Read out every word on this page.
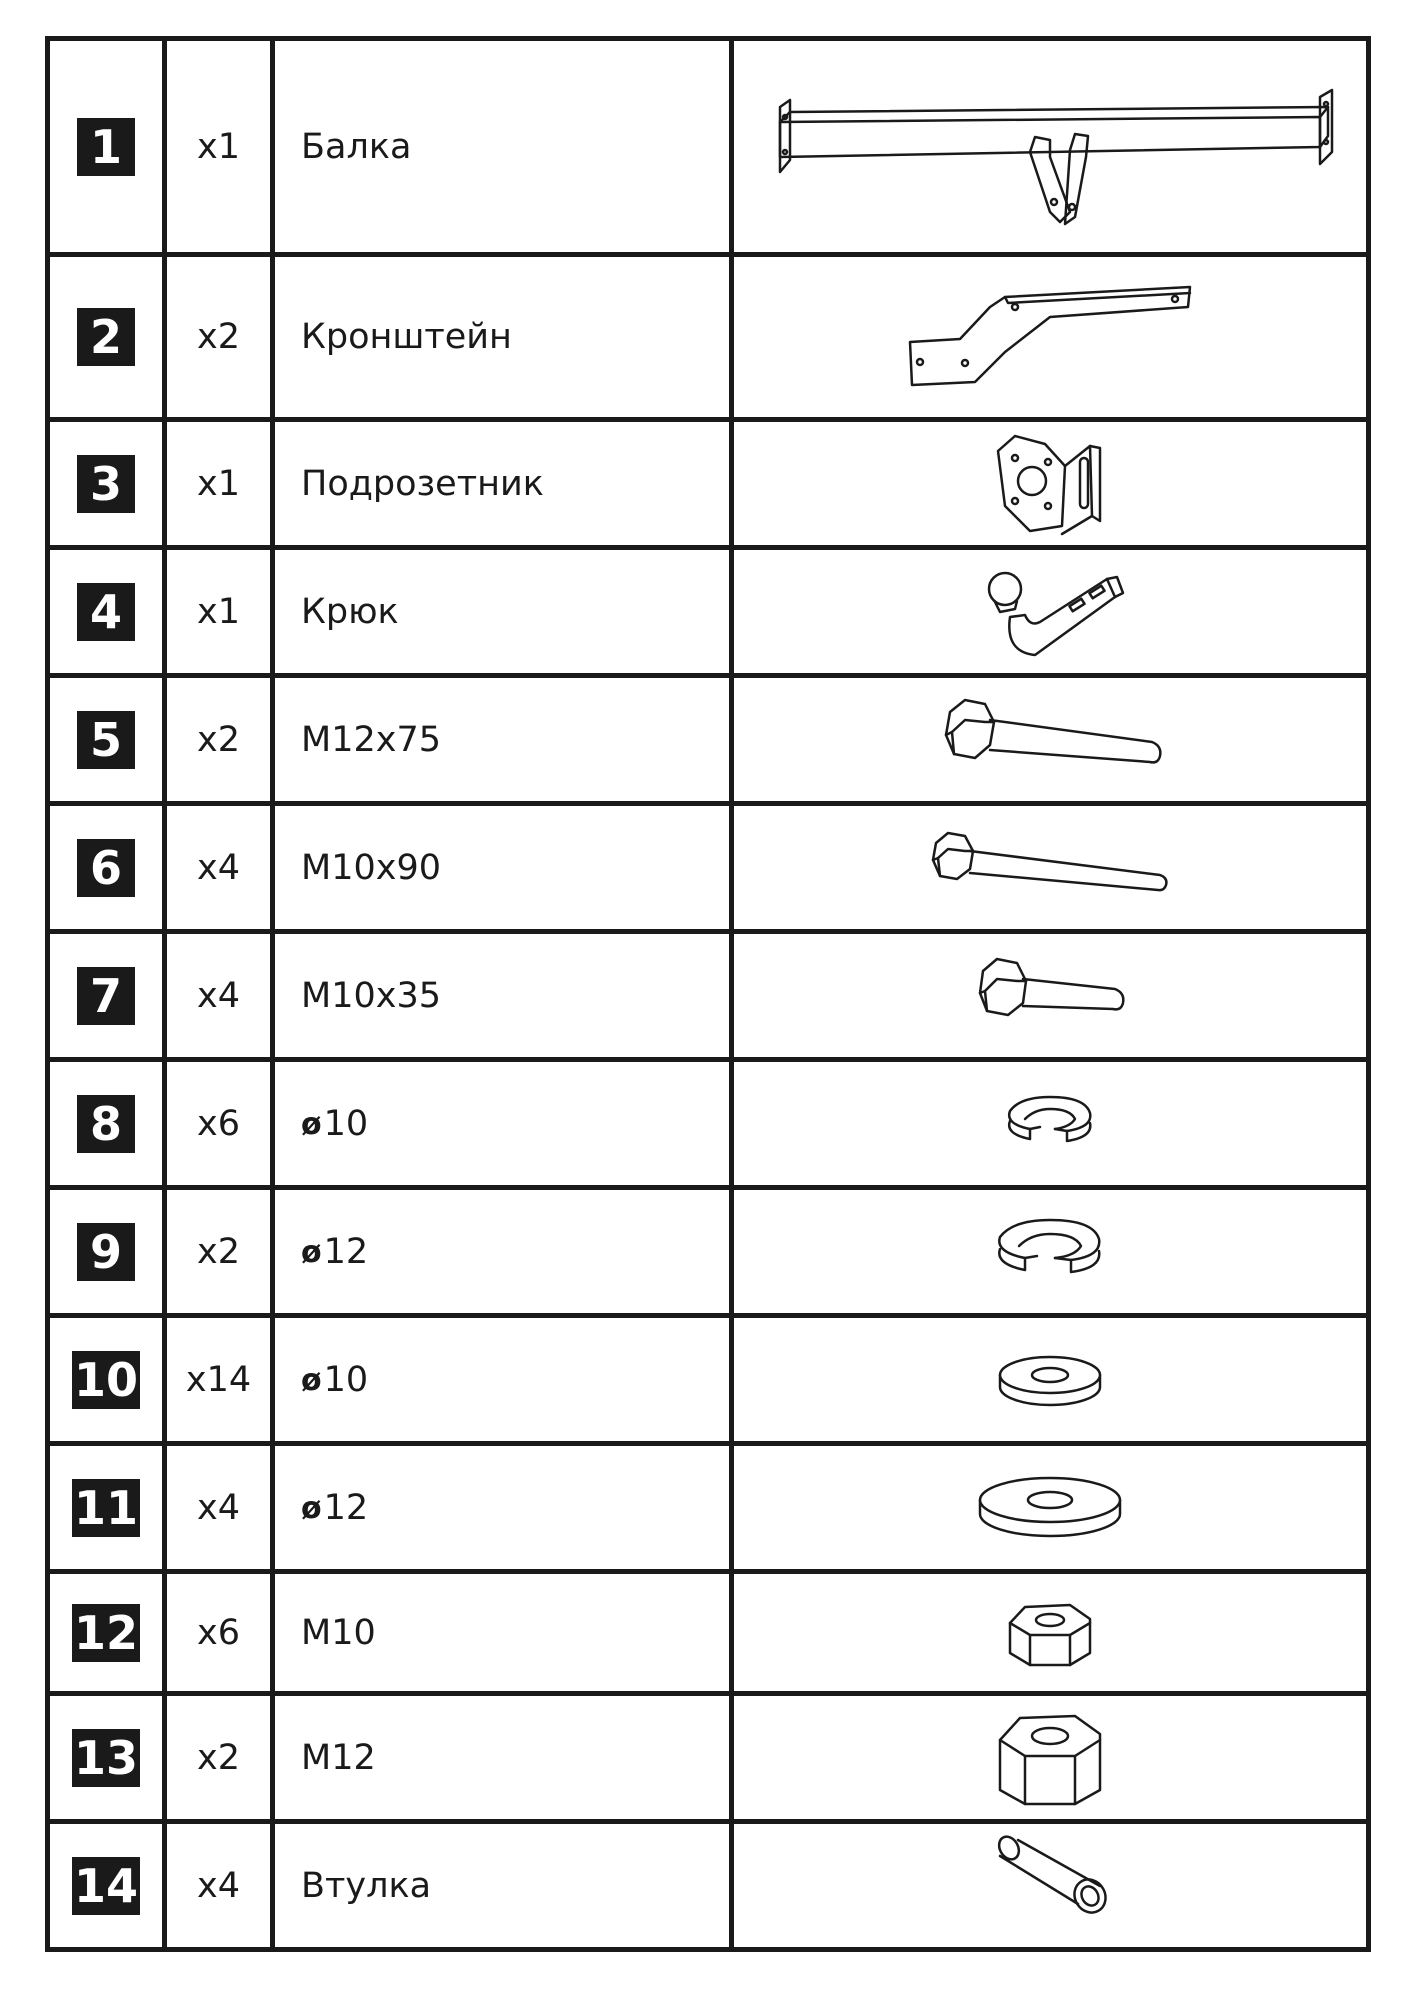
1	x1	Балка	

2	x2	Кронштейн	

3	x1	Подрозетник	

4	x1	Крюк	

5	x2	М12х75	

6	x4	М10х90	

7	x4	М10х35	

8	x6	ø 10

9	x2	ø 12

10	x14	ø 10

11	x4	ø 12

12	x6	М10	

13	x2	М12	

14	x4	Втулка	
